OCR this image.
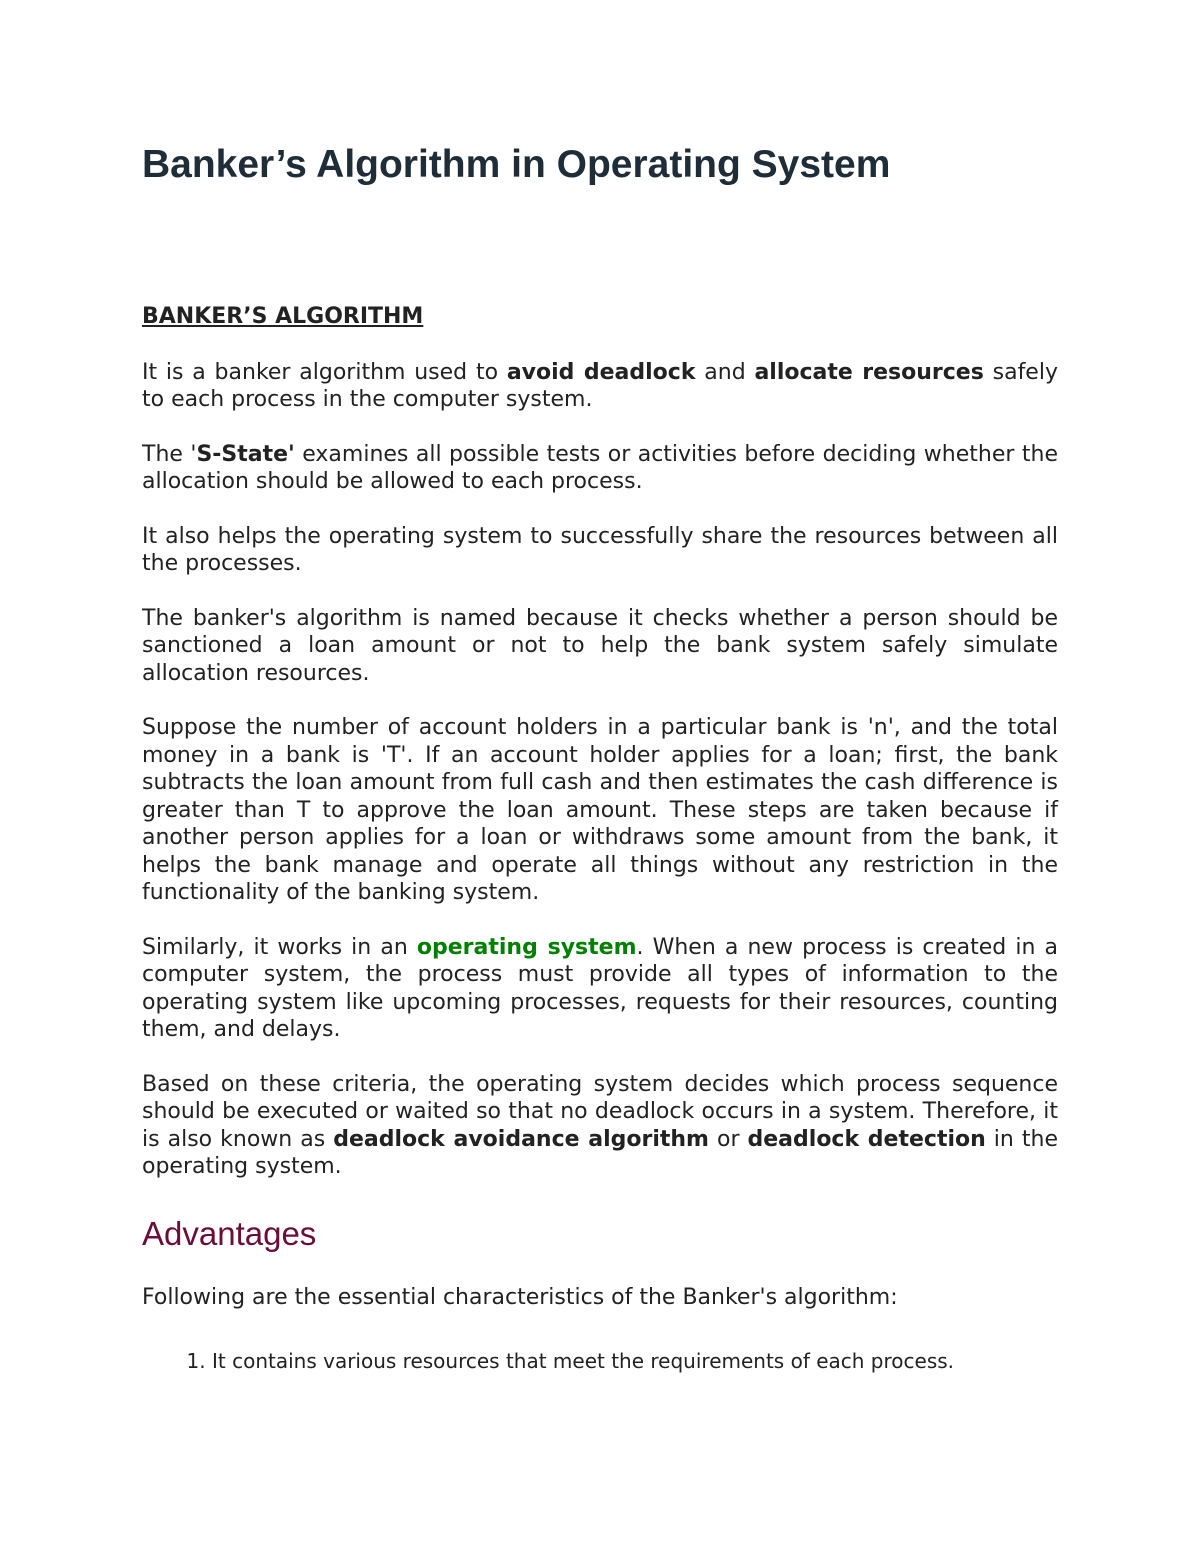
Banker’s Algorithm in Operating System
BANKER’S ALGORITHM

It is a banker algorithm used to avoid deadlock and allocate resources safely to each process in the computer system.

The 'S-State' examines all possible tests or activities before deciding whether the allocation should be allowed to each process.

It also helps the operating system to successfully share the resources between all the processes.

The banker's algorithm is named because it checks whether a person should be sanctioned a loan amount or not to help the bank system safely simulate allocation resources.

Suppose the number of account holders in a particular bank is 'n', and the total money in a bank is 'T'. If an account holder applies for a loan; first, the bank subtracts the loan amount from full cash and then estimates the cash difference is greater than T to approve the loan amount. These steps are taken because if another person applies for a loan or withdraws some amount from the bank, it helps the bank manage and operate all things without any restriction in the functionality of the banking system.

Similarly, it works in an operating system. When a new process is created in a computer system, the process must provide all types of information to the operating system like upcoming processes, requests for their resources, counting them, and delays.

Based on these criteria, the operating system decides which process sequence should be executed or waited so that no deadlock occurs in a system. Therefore, it is also known as deadlock avoidance algorithm or deadlock detection in the operating system.

Advantages

Following are the essential characteristics of the Banker's algorithm:

1. It contains various resources that meet the requirements of each process.
